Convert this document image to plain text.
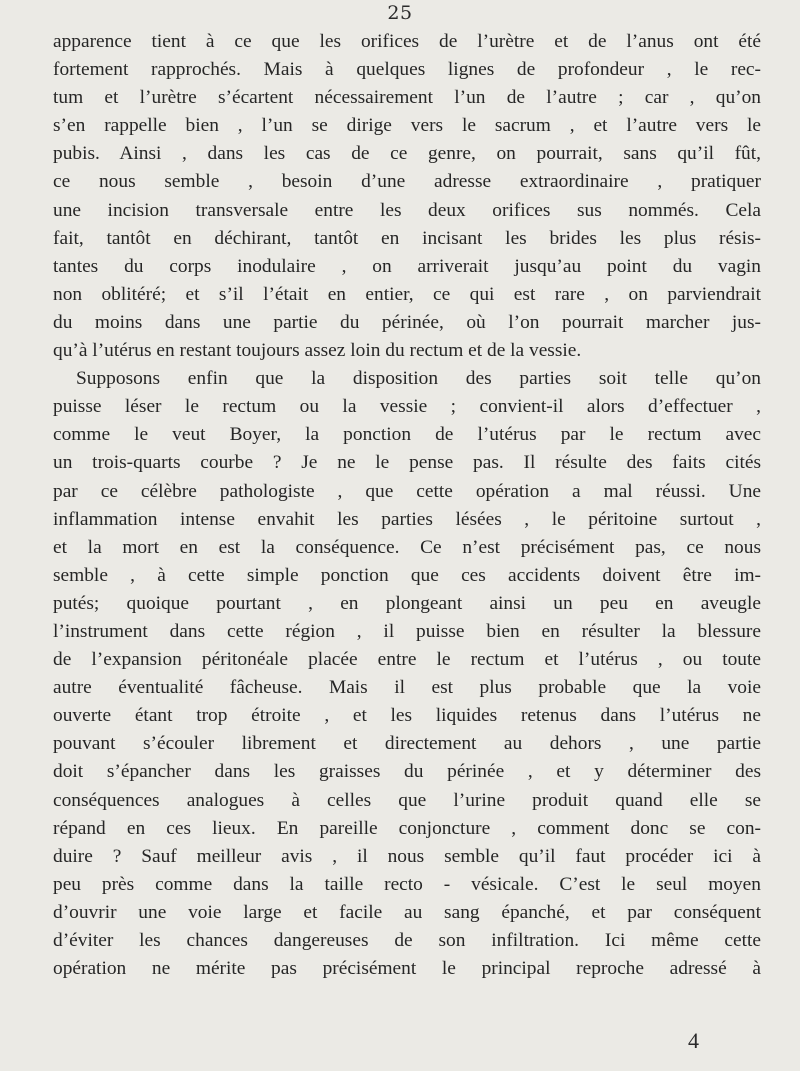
25
apparence tient à ce que les orifices de l’urètre et de l’anus ont été
fortement rapprochés. Mais à quelques lignes de profondeur , le rec-
tum et l’urètre s’écartent nécessairement l’un de l’autre ; car , qu’on
s’en rappelle bien , l’un se dirige vers le sacrum , et l’autre vers le
pubis. Ainsi , dans les cas de ce genre, on pourrait, sans qu’il fût,
ce nous semble , besoin d’une adresse extraordinaire , pratiquer
une incision transversale entre les deux orifices sus nommés. Cela
fait, tantôt en déchirant, tantôt en incisant les brides les plus résis-
tantes du corps inodulaire , on arriverait jusqu’au point du vagin
non oblitéré; et s’il l’était en entier, ce qui est rare , on parviendrait
du moins dans une partie du périnée, où l’on pourrait marcher jus-
qu’à l’utérus en restant toujours assez loin du rectum et de la vessie.
Supposons enfin que la disposition des parties soit telle qu’on
puisse léser le rectum ou la vessie ; convient-il alors d’effectuer ,
comme le veut Boyer, la ponction de l’utérus par le rectum avec
un trois-quarts courbe ? Je ne le pense pas. Il résulte des faits cités
par ce célèbre pathologiste , que cette opération a mal réussi. Une
inflammation intense envahit les parties lésées , le péritoine surtout ,
et la mort en est la conséquence. Ce n’est précisément pas, ce nous
semble , à cette simple ponction que ces accidents doivent être im-
putés; quoique pourtant , en plongeant ainsi un peu en aveugle
l’instrument dans cette région , il puisse bien en résulter la blessure
de l’expansion péritonéale placée entre le rectum et l’utérus , ou toute
autre éventualité fâcheuse. Mais il est plus probable que la voie
ouverte étant trop étroite , et les liquides retenus dans l’utérus ne
pouvant s’écouler librement et directement au dehors , une partie
doit s’épancher dans les graisses du périnée , et y déterminer des
conséquences analogues à celles que l’urine produit quand elle se
répand en ces lieux. En pareille conjoncture , comment donc se con-
duire ? Sauf meilleur avis , il nous semble qu’il faut procéder ici à
peu près comme dans la taille recto - vésicale. C’est le seul moyen
d’ouvrir une voie large et facile au sang épanché, et par conséquent
d’éviter les chances dangereuses de son infiltration. Ici même cette
opération ne mérite pas précisément le principal reproche adressé à
4
